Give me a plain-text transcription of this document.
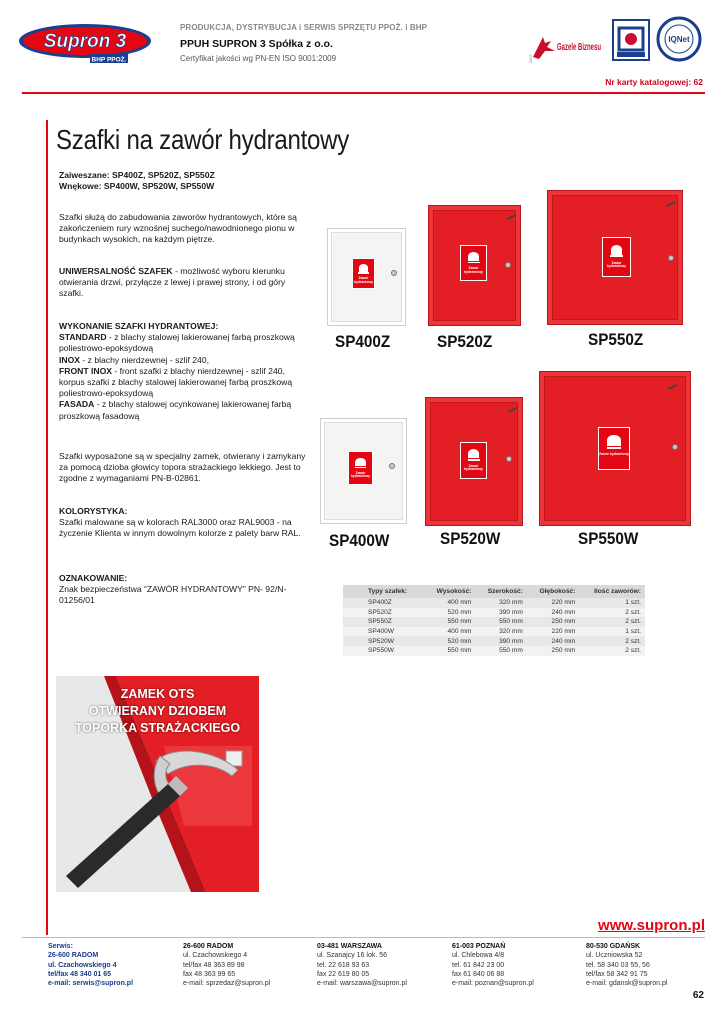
Supron 3
BHP PPOŻ.
PRODUKCJA, DYSTRYBUCJA i SERWIS SPRZĘTU PPOŻ. i BHP
PPUH SUPRON 3 Spółka z o.o.
Certyfikat jakości wg PN-EN ISO 9001:2009	2007
Gazele Biznesu
IQNet
Nr karty katalogowej: 62
Szafki na zawór hydrantowy
Zaiweszane: SP400Z, SP520Z, SP550Z
Wnękowe: SP400W, SP520W, SP550W
Szafki służą do zabudowania zaworów hydrantowych, które są zakończeniem rury wznośnej suchego/nawodnionego pionu w budynkach wysokich, na każdym piętrze.
UNIWERSALNOŚĆ SZAFEK - możliwość wyboru kierunku otwierania drzwi, przyłącze z lewej i prawej strony, i od góry szafki.
WYKONANIE SZAFKI HYDRANTOWEJ:
STANDARD - z blachy stalowej lakierowanej farbą proszkową poliestrowo-epoksydową
INOX - z blachy nierdzewnej - szlif 240,
FRONT INOX - front szafki z blachy nierdzewnej - szlif 240, korpus szafki z blachy stalowej lakierowanej farbą proszkową poliestrowo-epoksydową
FASADA - z blachy stalowej ocynkowanej lakierowanej farbą proszkową fasadową
Szafki wyposażone są w specjalny zamek, otwierany i zamykany za pomocą dzioba głowicy topora strażackiego lekkiego. Jest to zgodne z wymaganiami PN-B-02861.
KOLORYSTYKA:
Szafki malowane są w kolorach RAL3000 oraz RAL9003 - na życzenie Klienta w innym dowolnym kolorze z palety barw RAL.
OZNAKOWANIE:
Znak bezpieczeństwa “ZAWÓR HYDRANTOWY” PN- 92/N-01256/01
Zawór hydrantowy
Zawór hydrantowy
Zawór hydrantowy
SP400Z	SP520Z	SP550Z
Zawór hydrantowy
Zawór hydrantowy
Zawór hydrantowy
SP400W	SP520W	SP550W
Typy szafek:	Wysokość:	Szerokość:	Głębokość:	Ilość zaworów:
SP400Z	400 mm	320 mm	220 mm	1 szt.
SP520Z	520 mm	390 mm	240 mm	2 szt.
SP550Z	550 mm	550 mm	250 mm	2 szt.
SP400W	400 mm	320 mm	220 mm	1 szt.
SP520W	520 mm	390 mm	240 mm	2 szt.
SP550W	550 mm	550 mm	250 mm	2 szt.
ZAMEK OTS
OTWIERANY DZIOBEM
TOPORKA STRAŻACKIEGO
www.supron.pl
Serwis:
26-600 RADOM
ul. Czachowskiego 4
tel/fax 48 340 01 65
e-mail: serwis@supron.pl
26-600 RADOM
ul. Czachowskiego 4
tel/fax 48 363 89 98
fax 48 363 99 65
e-mail: sprzedaz@supron.pl
03-481 WARSZAWA
ul. Szanajcy 16 lok. 56
tel. 22 618 93 63
fax 22 619 80 05
e-mail: warszawa@supron.pl
61-003 POZNAŃ
ul. Chlebowa 4/8
tel. 61 842 23 00
fax 61 840 06 88
e-mail: poznan@supron.pl
80-530 GDAŃSK
ul. Uczniowska 52
tel. 58 340 03 55, 56
tel/fax 58 342 91 75
e-mail: gdansk@supron.pl
62
